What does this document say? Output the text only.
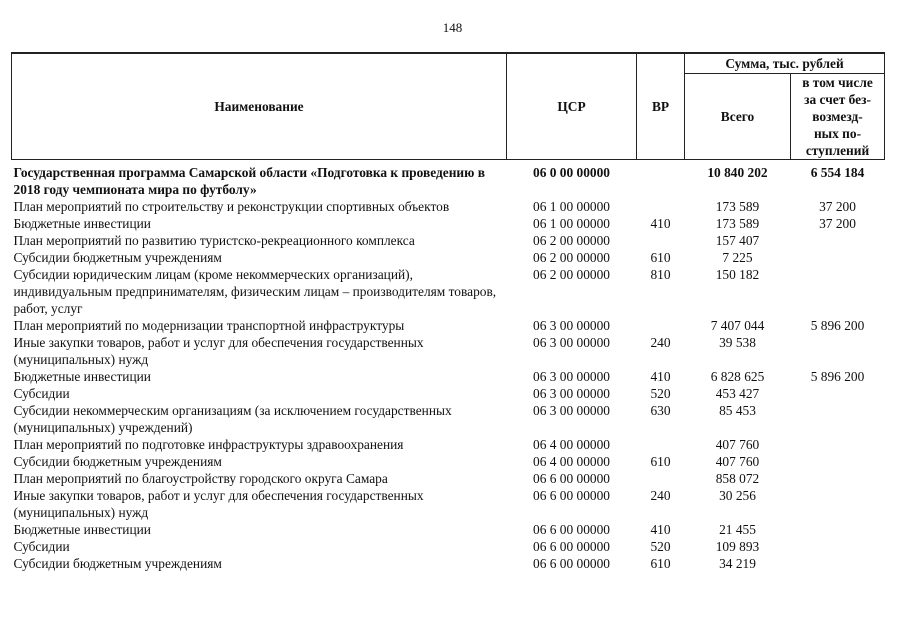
148
Наименование	ЦСР	ВР	Сумма, тыс. рублей	
			Всего	в том числе
за счет без-
возмезд-
ных по-
ступлений
Государственная программа Самарской области «Подготовка к проведению в 2018 году чемпионата мира по футболу»	06 0 00 00000		10 840 202	6 554 184
План мероприятий по строительству и реконструкции спортивных объектов	06 1 00 00000		173 589	37 200
Бюджетные инвестиции	06 1 00 00000	410	173 589	37 200
План мероприятий по развитию туристско-рекреационного комплекса	06 2 00 00000		157 407	
Субсидии бюджетным учреждениям	06 2 00 00000	610	7 225	
Субсидии юридическим лицам (кроме некоммерческих организаций), индивидуальным предпринимателям, физическим лицам – производителям товаров, работ, услуг	06 2 00 00000	810	150 182	
План мероприятий по модернизации транспортной инфраструктуры	06 3 00 00000		7 407 044	5 896 200
Иные закупки товаров, работ и услуг для обеспечения государственных (муниципальных) нужд	06 3 00 00000	240	39 538	
Бюджетные инвестиции	06 3 00 00000	410	6 828 625	5 896 200
Субсидии	06 3 00 00000	520	453 427	
Субсидии некоммерческим организациям (за исключением государственных (муниципальных) учреждений)	06 3 00 00000	630	85 453	
План мероприятий по подготовке инфраструктуры здравоохранения	06 4 00 00000		407 760	
Субсидии бюджетным учреждениям	06 4 00 00000	610	407 760	
План мероприятий по благоустройству городского округа Самара	06 6 00 00000		858 072	
Иные закупки товаров, работ и услуг для обеспечения государственных (муниципальных) нужд	06 6 00 00000	240	30 256	
Бюджетные инвестиции	06 6 00 00000	410	21 455	
Субсидии	06 6 00 00000	520	109 893	
Субсидии бюджетным учреждениям	06 6 00 00000	610	34 219	
